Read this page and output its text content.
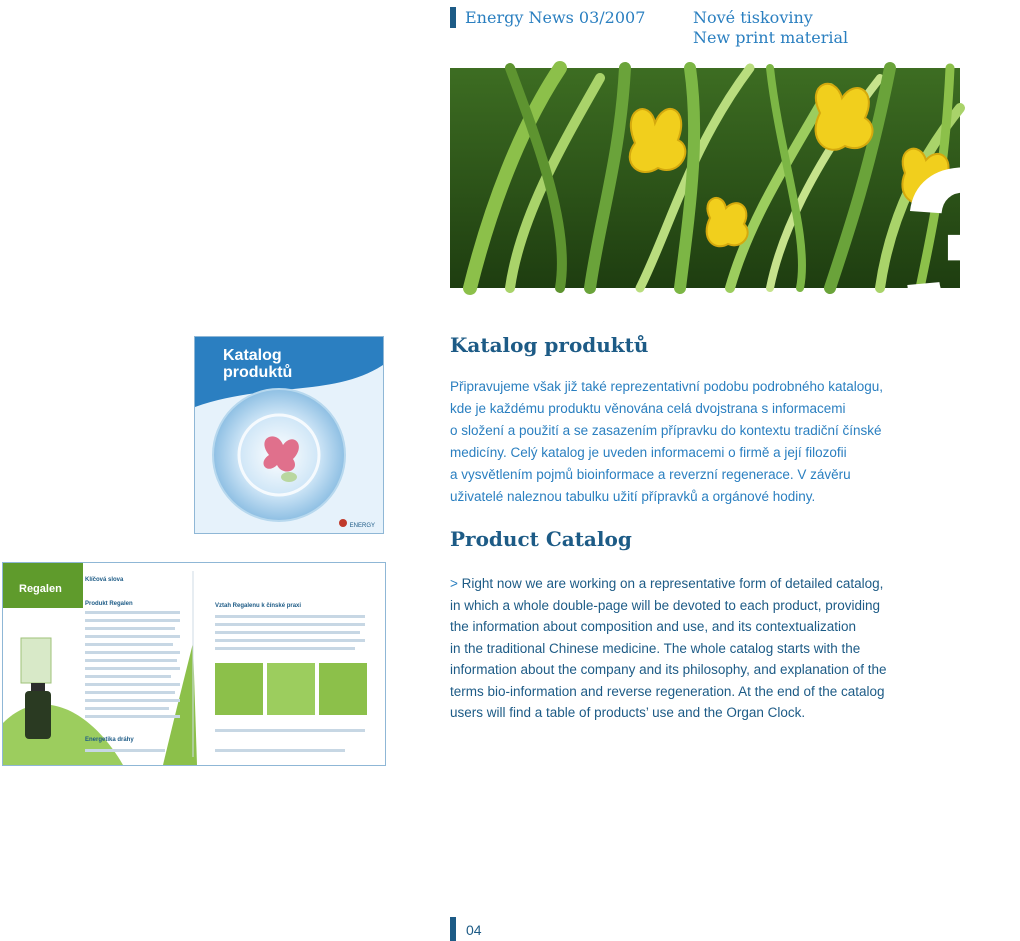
Energy News 03/2007	Nové tiskoviny
New print material
3
Katalog
produktů
ENERGY
Regalen
Klíčová slova
Produkt Regalen	Vztah Regalenu k čínské praxi
Energetika dráhy
Katalog produktů

Připravujeme však již také reprezentativní podobu podrobného katalogu,
kde je každému produktu věnována celá dvojstrana s informacemi
o složení a použití a se zasazením přípravku do kontextu tradiční čínské
medicíny. Celý katalog je uveden informacemi o firmě a její filozofii
a vysvětlením pojmů bioinformace a reverzní regenerace. V závěru
uživatelé naleznou tabulku užití přípravků a orgánové hodiny.

Product Catalog

> Right now we are working on a representative form of detailed catalog,
in which a whole double-page will be devoted to each product, providing
the information about composition and use, and its contextualization
in the traditional Chinese medicine. The whole catalog starts with the
information about the company and its philosophy, and explanation of the
terms bio-information and reverse regeneration. At the end of the catalog
users will find a table of products’ use and the Organ Clock.

04
